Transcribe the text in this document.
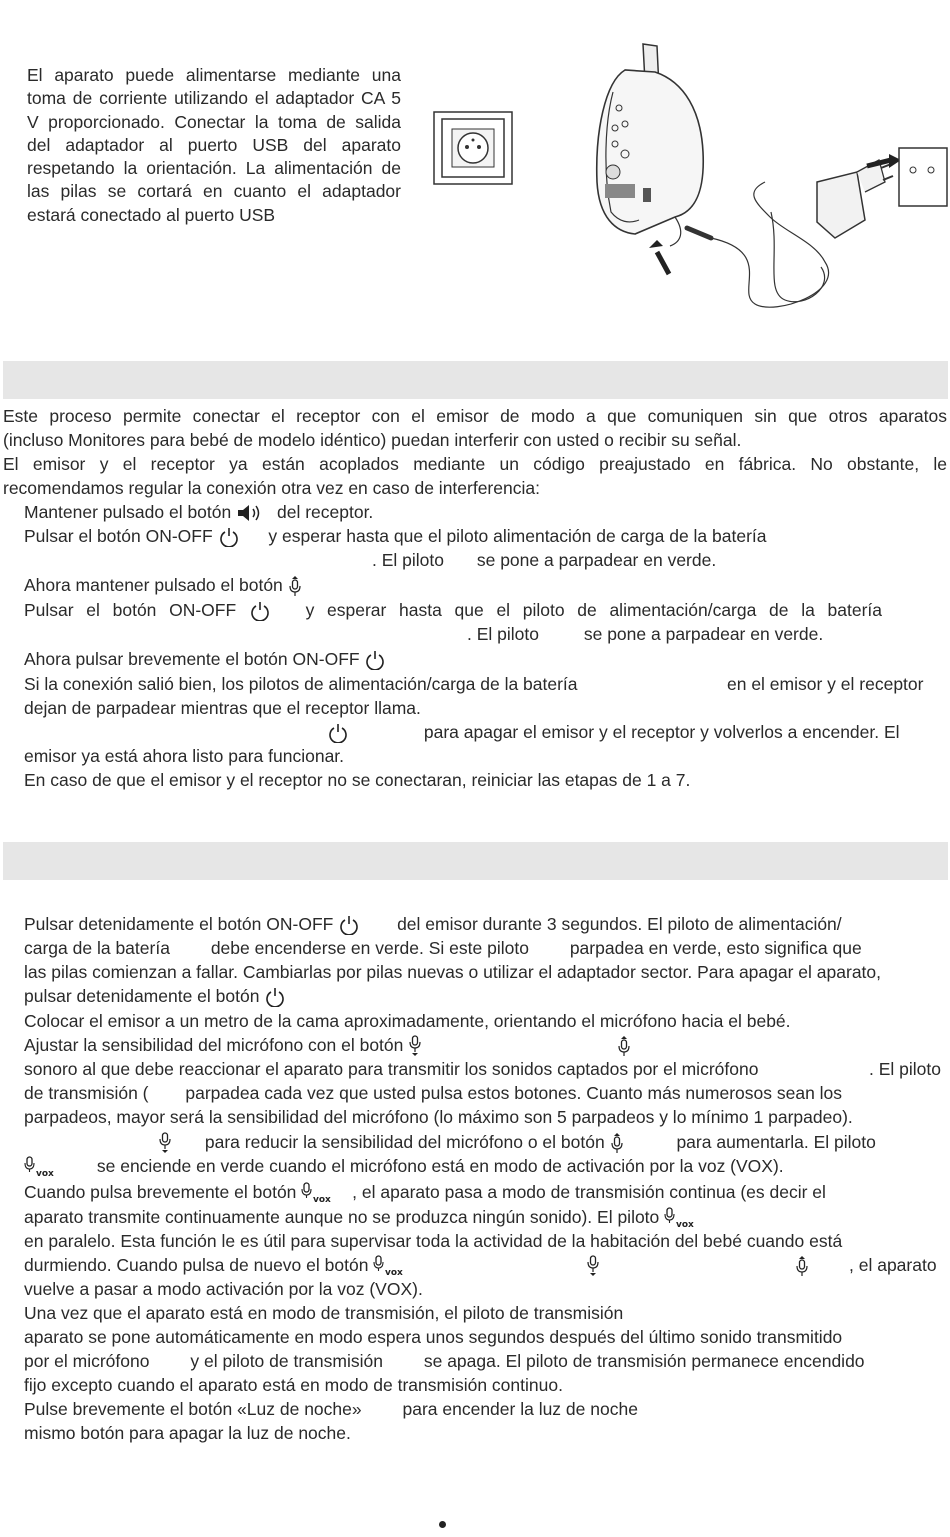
El aparato puede alimentarse mediante una toma de corriente utilizando el adaptador CA 5 V proporcionado. Conectar la toma de salida del adaptador al puerto USB del aparato respetando la orientación. La alimentación de las pilas se cortará en cuanto el adaptador estará conectado al puerto USB

Este proceso permite conectar el receptor con el emisor de modo a que comuniquen sin que otros aparatos

(incluso Monitores para bebé de modelo idéntico) puedan interferir con usted o recibir su señal.

El emisor y el receptor ya están acoplados mediante un código preajustado en fábrica. No obstante, le

recomendamos regular la conexión otra vez en caso de interferencia:

Mantener pulsado el botón	del receptor.

Pulsar el botón ON-OFF	y esperar hasta que el piloto alimentación de carga de la batería

. El piloto se pone a parpadear en verde.

Ahora mantener pulsado el botón

Pulsar el botón ON-OFF	y esperar hasta que el piloto de alimentación/carga de la batería

. El piloto	se pone a parpadear en verde.

Ahora pulsar brevemente el botón ON-OFF

Si la conexión salió bien, los pilotos de alimentación/carga de la batería	en el emisor y el receptor

dejan de parpadear mientras que el receptor llama.

para apagar el emisor y el receptor y volverlos a encender. El

emisor ya está ahora listo para funcionar.

En caso de que el emisor y el receptor no se conectaran, reiniciar las etapas de 1 a 7.

Pulsar detenidamente el botón ON-OFF	del emisor durante 3 segundos. El piloto de alimentación/

carga de la batería debe encenderse en verde. Si este piloto parpadea en verde, esto significa que

las pilas comienzan a fallar. Cambiarlas por pilas nuevas o utilizar el adaptador sector. Para apagar el aparato,

pulsar detenidamente el botón

Colocar el emisor a un metro de la cama aproximadamente, orientando el micrófono hacia el bebé.

Ajustar la sensibilidad del micrófono con el botón

sonoro al que debe reaccionar el aparato para transmitir los sonidos captados por el micrófono	. El piloto

de transmisión ( parpadea cada vez que usted pulsa estos botones. Cuanto más numerosos sean los

parpadeos, mayor será la sensibilidad del micrófono (lo máximo son 5 parpadeos y lo mínimo 1 parpadeo).

para reducir la sensibilidad del micrófono o el botón	para aumentarla. El piloto

vox se enciende en verde cuando el micrófono está en modo de activación por la voz (VOX).

Cuando pulsa brevemente el botón vox , el aparato pasa a modo de transmisión continua (es decir el

aparato transmite continuamente aunque no se produzca ningún sonido). El piloto vox

en paralelo. Esta función le es útil para supervisar toda la actividad de la habitación del bebé cuando está

durmiendo. Cuando pulsa de nuevo el botón vox	, el aparato

vuelve a pasar a modo activación por la voz (VOX).

Una vez que el aparato está en modo de transmisión, el piloto de transmisión

aparato se pone automáticamente en modo espera unos segundos después del último sonido transmitido

por el micrófono y el piloto de transmisión se apaga. El piloto de transmisión permanece encendido

fijo excepto cuando el aparato está en modo de transmisión continuo.

Pulse brevemente el botón «Luz de noche» para encender la luz de noche

mismo botón para apagar la luz de noche.
